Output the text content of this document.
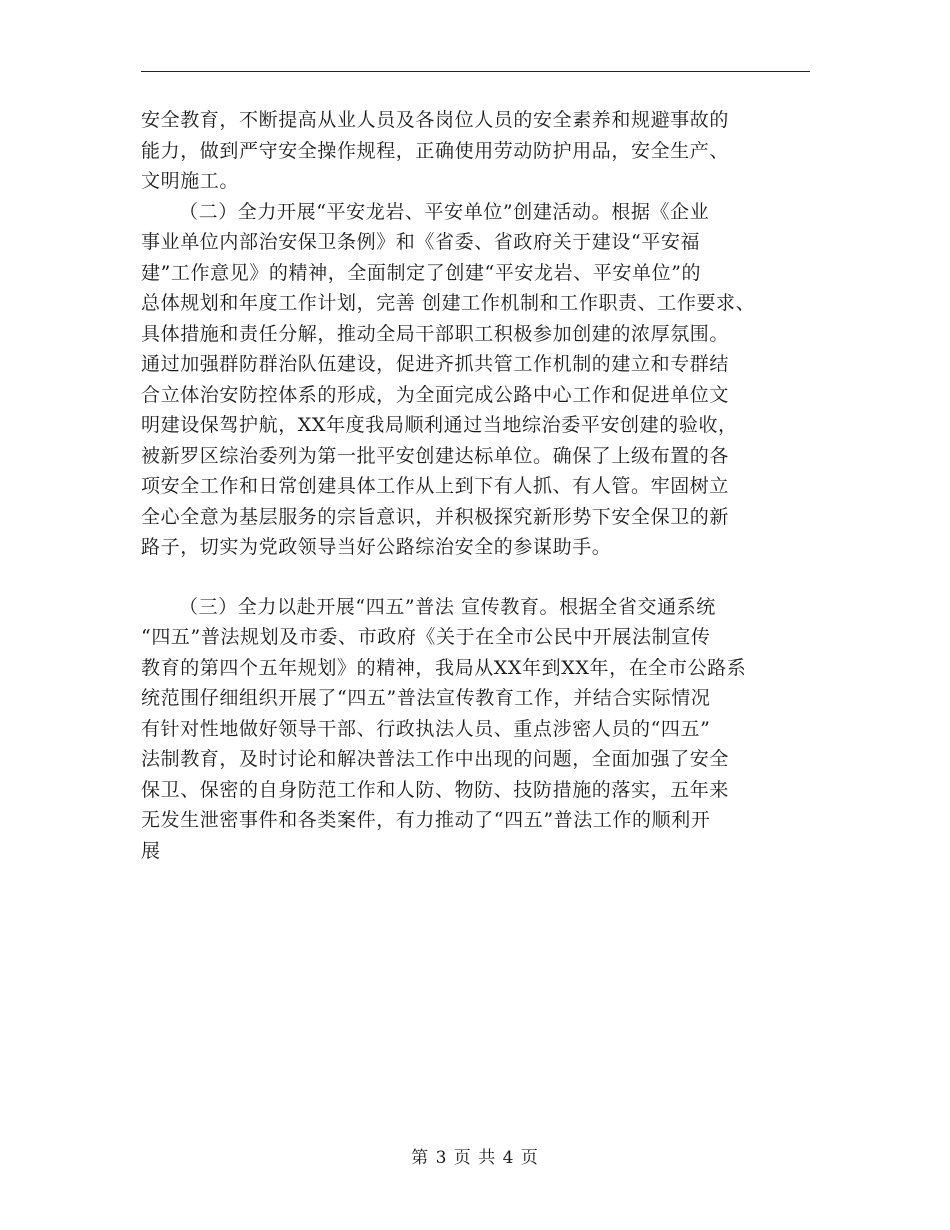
安全教育，不断提高从业人员及各岗位人员的安全素养和规避事故的
能力，做到严守安全操作规程，正确使用劳动防护用品，安全生产、
文明施工。
（二）全力开展“平安龙岩、平安单位”创建活动。根据《企业
事业单位内部治安保卫条例》和《省委、省政府关于建设“平安福
建”工作意见》的精神，全面制定了创建“平安龙岩、平安单位”的
总体规划和年度工作计划，完善 创建工作机制和工作职责、工作要求、
具体措施和责任分解，推动全局干部职工积极参加创建的浓厚氛围。
通过加强群防群治队伍建设，促进齐抓共管工作机制的建立和专群结
合立体治安防控体系的形成，为全面完成公路中心工作和促进单位文
明建设保驾护航，XX年度我局顺利通过当地综治委平安创建的验收，
被新罗区综治委列为第一批平安创建达标单位。确保了上级布置的各
项安全工作和日常创建具体工作从上到下有人抓、有人管。牢固树立
全心全意为基层服务的宗旨意识，并积极探究新形势下安全保卫的新
路子，切实为党政领导当好公路综治安全的参谋助手。
（三）全力以赴开展“四五”普法 宣传教育。根据全省交通系统
“四五”普法规划及市委、市政府《关于在全市公民中开展法制宣传
教育的第四个五年规划》的精神，我局从XX年到XX年，在全市公路系
统范围仔细组织开展了“四五”普法宣传教育工作，并结合实际情况
有针对性地做好领导干部、行政执法人员、重点涉密人员的“四五”
法制教育，及时讨论和解决普法工作中出现的问题，全面加强了安全
保卫、保密的自身防范工作和人防、物防、技防措施的落实，五年来
无发生泄密事件和各类案件，有力推动了“四五”普法工作的顺利开
展
第 3 页 共 4 页
